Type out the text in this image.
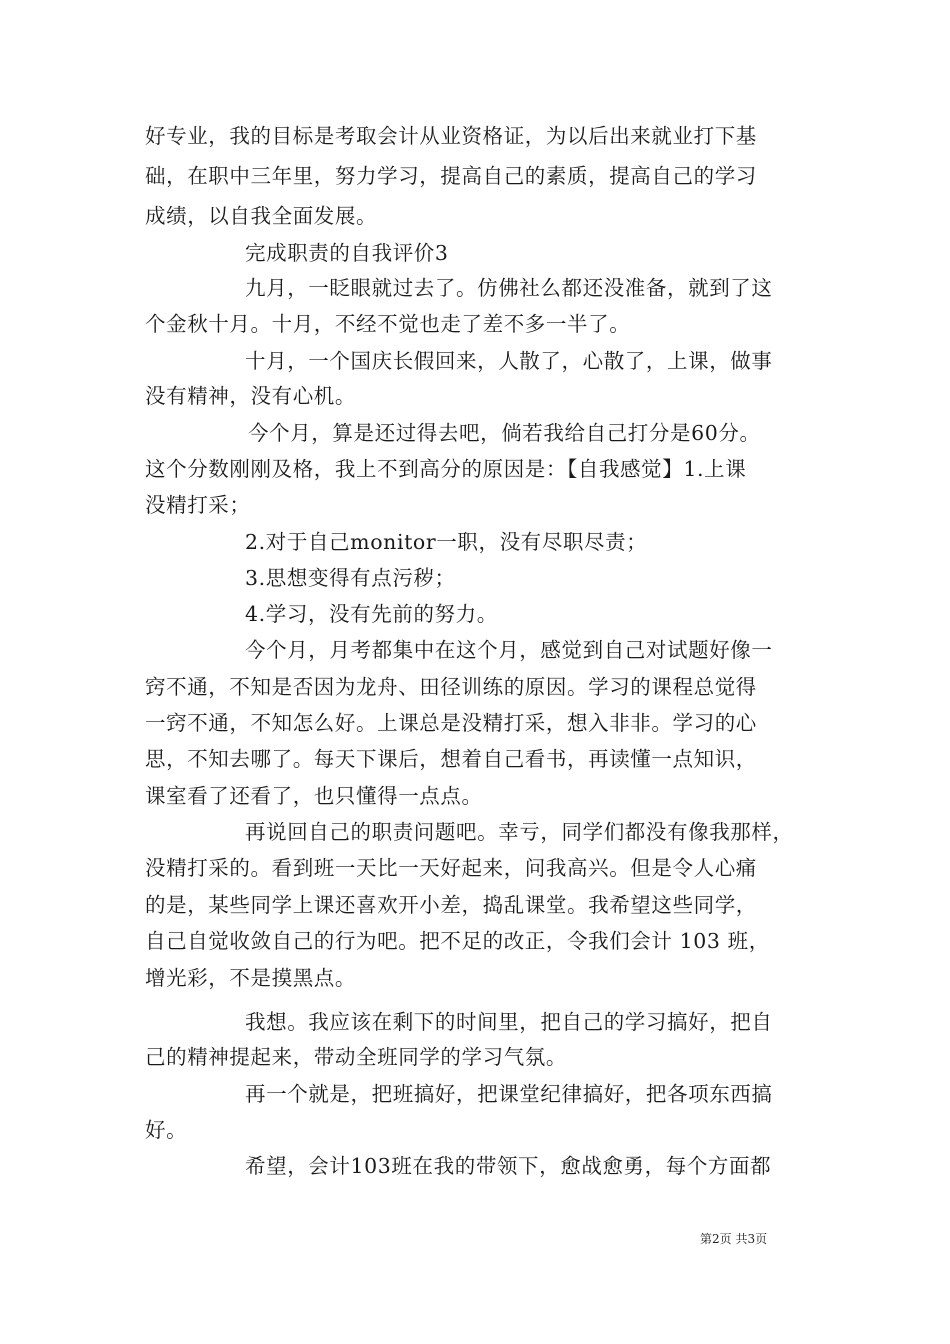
好专业，我的目标是考取会计从业资格证，为以后出来就业打下基
础，在职中三年里，努力学习，提高自己的素质，提高自己的学习
成绩，以自我全面发展。
完成职责的自我评价3
九月，一眨眼就过去了。仿佛社么都还没准备，就到了这
个金秋十月。十月，不经不觉也走了差不多一半了。
十月，一个国庆长假回来，人散了，心散了，上课，做事
没有精神，没有心机。
今个月，算是还过得去吧，倘若我给自己打分是60分。
这个分数刚刚及格，我上不到高分的原因是：【自我感觉】1.上课
没精打采；
2.对于自己monitor一职，没有尽职尽责；
3.思想变得有点污秽；
4.学习，没有先前的努力。
今个月，月考都集中在这个月，感觉到自己对试题好像一
窍不通，不知是否因为龙舟、田径训练的原因。学习的课程总觉得
一窍不通，不知怎么好。上课总是没精打采，想入非非。学习的心
思，不知去哪了。每天下课后，想着自己看书，再读懂一点知识，
课室看了还看了，也只懂得一点点。
再说回自己的职责问题吧。幸亏，同学们都没有像我那样，
没精打采的。看到班一天比一天好起来，问我高兴。但是令人心痛
的是，某些同学上课还喜欢开小差，捣乱课堂。我希望这些同学，
自己自觉收敛自己的行为吧。把不足的改正，令我们会计 103 班，
增光彩，不是摸黑点。
我想。我应该在剩下的时间里，把自己的学习搞好，把自
己的精神提起来，带动全班同学的学习气氛。
再一个就是，把班搞好，把课堂纪律搞好，把各项东西搞
好。
希望，会计103班在我的带领下，愈战愈勇，每个方面都
第2页 共3页
